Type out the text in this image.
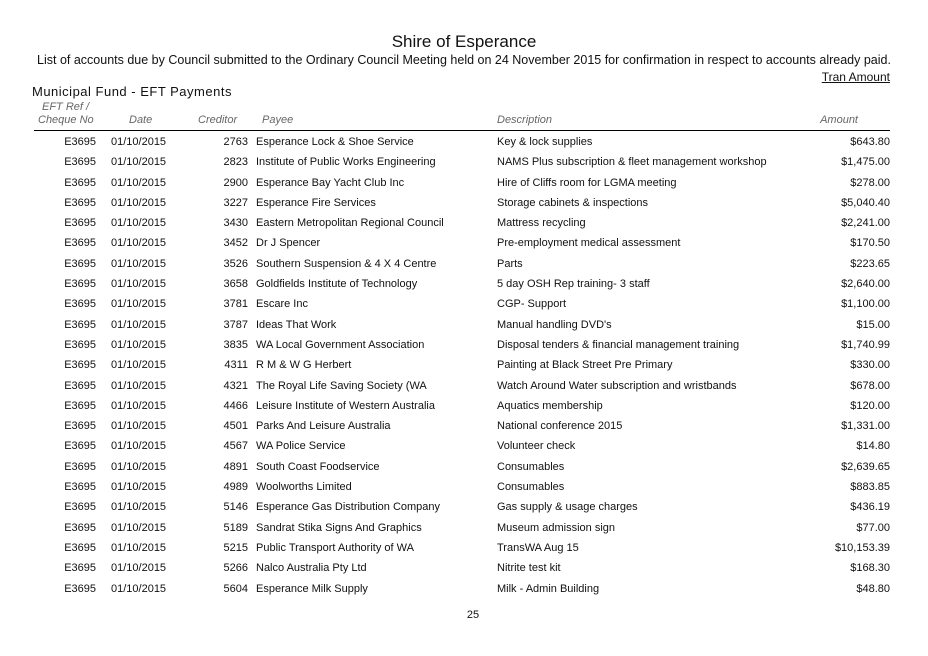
Shire of Esperance
List of accounts due by Council submitted to the Ordinary Council Meeting held on 24 November 2015 for confirmation in respect to accounts already paid.
Tran Amount
Municipal Fund - EFT Payments
EFT Ref /
Cheque No	Date	Creditor Payee	Description	Amount
E3695 01/10/2015	2763 Esperance Lock & Shoe Service	Key & lock supplies	$643.80
E3695 01/10/2015	2823 Institute of Public Works Engineering	NAMS Plus subscription & fleet management workshop	$1,475.00
E3695 01/10/2015	2900 Esperance Bay Yacht Club Inc	Hire of Cliffs room for LGMA meeting	$278.00
E3695 01/10/2015	3227 Esperance Fire Services	Storage cabinets & inspections	$5,040.40
E3695 01/10/2015	3430 Eastern Metropolitan Regional Council	Mattress recycling	$2,241.00
E3695 01/10/2015	3452 Dr J Spencer	Pre-employment medical assessment	$170.50
E3695 01/10/2015	3526 Southern Suspension & 4 X 4 Centre	Parts	$223.65
E3695 01/10/2015	3658 Goldfields Institute of Technology	5 day OSH Rep training- 3 staff	$2,640.00
E3695 01/10/2015	3781 Escare Inc	CGP- Support	$1,100.00
E3695 01/10/2015	3787 Ideas That Work	Manual handling DVD's	$15.00
E3695 01/10/2015	3835 WA Local Government Association	Disposal tenders & financial management training	$1,740.99
E3695 01/10/2015	4311 R M & W G Herbert	Painting at Black Street Pre Primary	$330.00
E3695 01/10/2015	4321 The Royal Life Saving Society (WA	Watch Around Water subscription and wristbands	$678.00
E3695 01/10/2015	4466 Leisure Institute of Western Australia	Aquatics membership	$120.00
E3695 01/10/2015	4501 Parks And Leisure Australia	National conference 2015	$1,331.00
E3695 01/10/2015	4567 WA Police Service	Volunteer check	$14.80
E3695 01/10/2015	4891 South Coast Foodservice	Consumables	$2,639.65
E3695 01/10/2015	4989 Woolworths Limited	Consumables	$883.85
E3695 01/10/2015	5146 Esperance Gas Distribution Company	Gas supply & usage charges	$436.19
E3695 01/10/2015	5189 Sandrat Stika Signs And Graphics	Museum admission sign	$77.00
E3695 01/10/2015	5215 Public Transport Authority of WA	TransWA Aug 15	$10,153.39
E3695 01/10/2015	5266 Nalco Australia Pty Ltd	Nitrite test kit	$168.30
E3695 01/10/2015	5604 Esperance Milk Supply	Milk - Admin Building	$48.80
25
